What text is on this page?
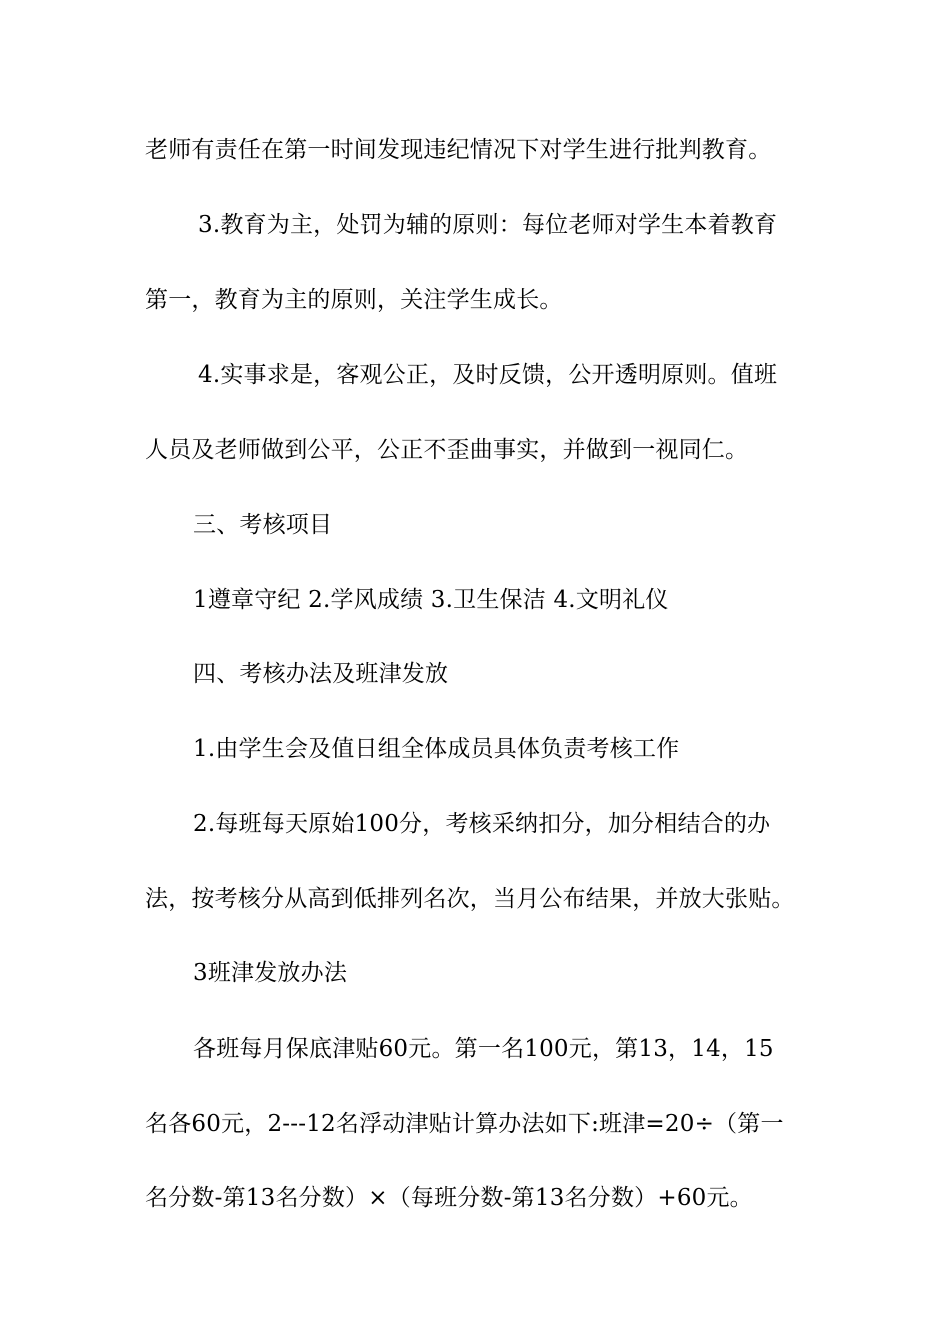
老师有责任在第一时间发现违纪情况下对学生进行批判教育。
3.教育为主，处罚为辅的原则：每位老师对学生本着教育
第一，教育为主的原则，关注学生成长。
4.实事求是，客观公正，及时反馈，公开透明原则。值班
人员及老师做到公平，公正不歪曲事实，并做到一视同仁。
三、考核项目
1遵章守纪 2.学风成绩 3.卫生保洁 4.文明礼仪
四、考核办法及班津发放
1.由学生会及值日组全体成员具体负责考核工作
2.每班每天原始100分，考核采纳扣分，加分相结合的办
法，按考核分从高到低排列名次，当月公布结果，并放大张贴。
3班津发放办法
各班每月保底津贴60元。第一名100元，第13，14，15
名各60元，2---12名浮动津贴计算办法如下:班津=20÷（第一
名分数-第13名分数）×（每班分数-第13名分数）+60元。
